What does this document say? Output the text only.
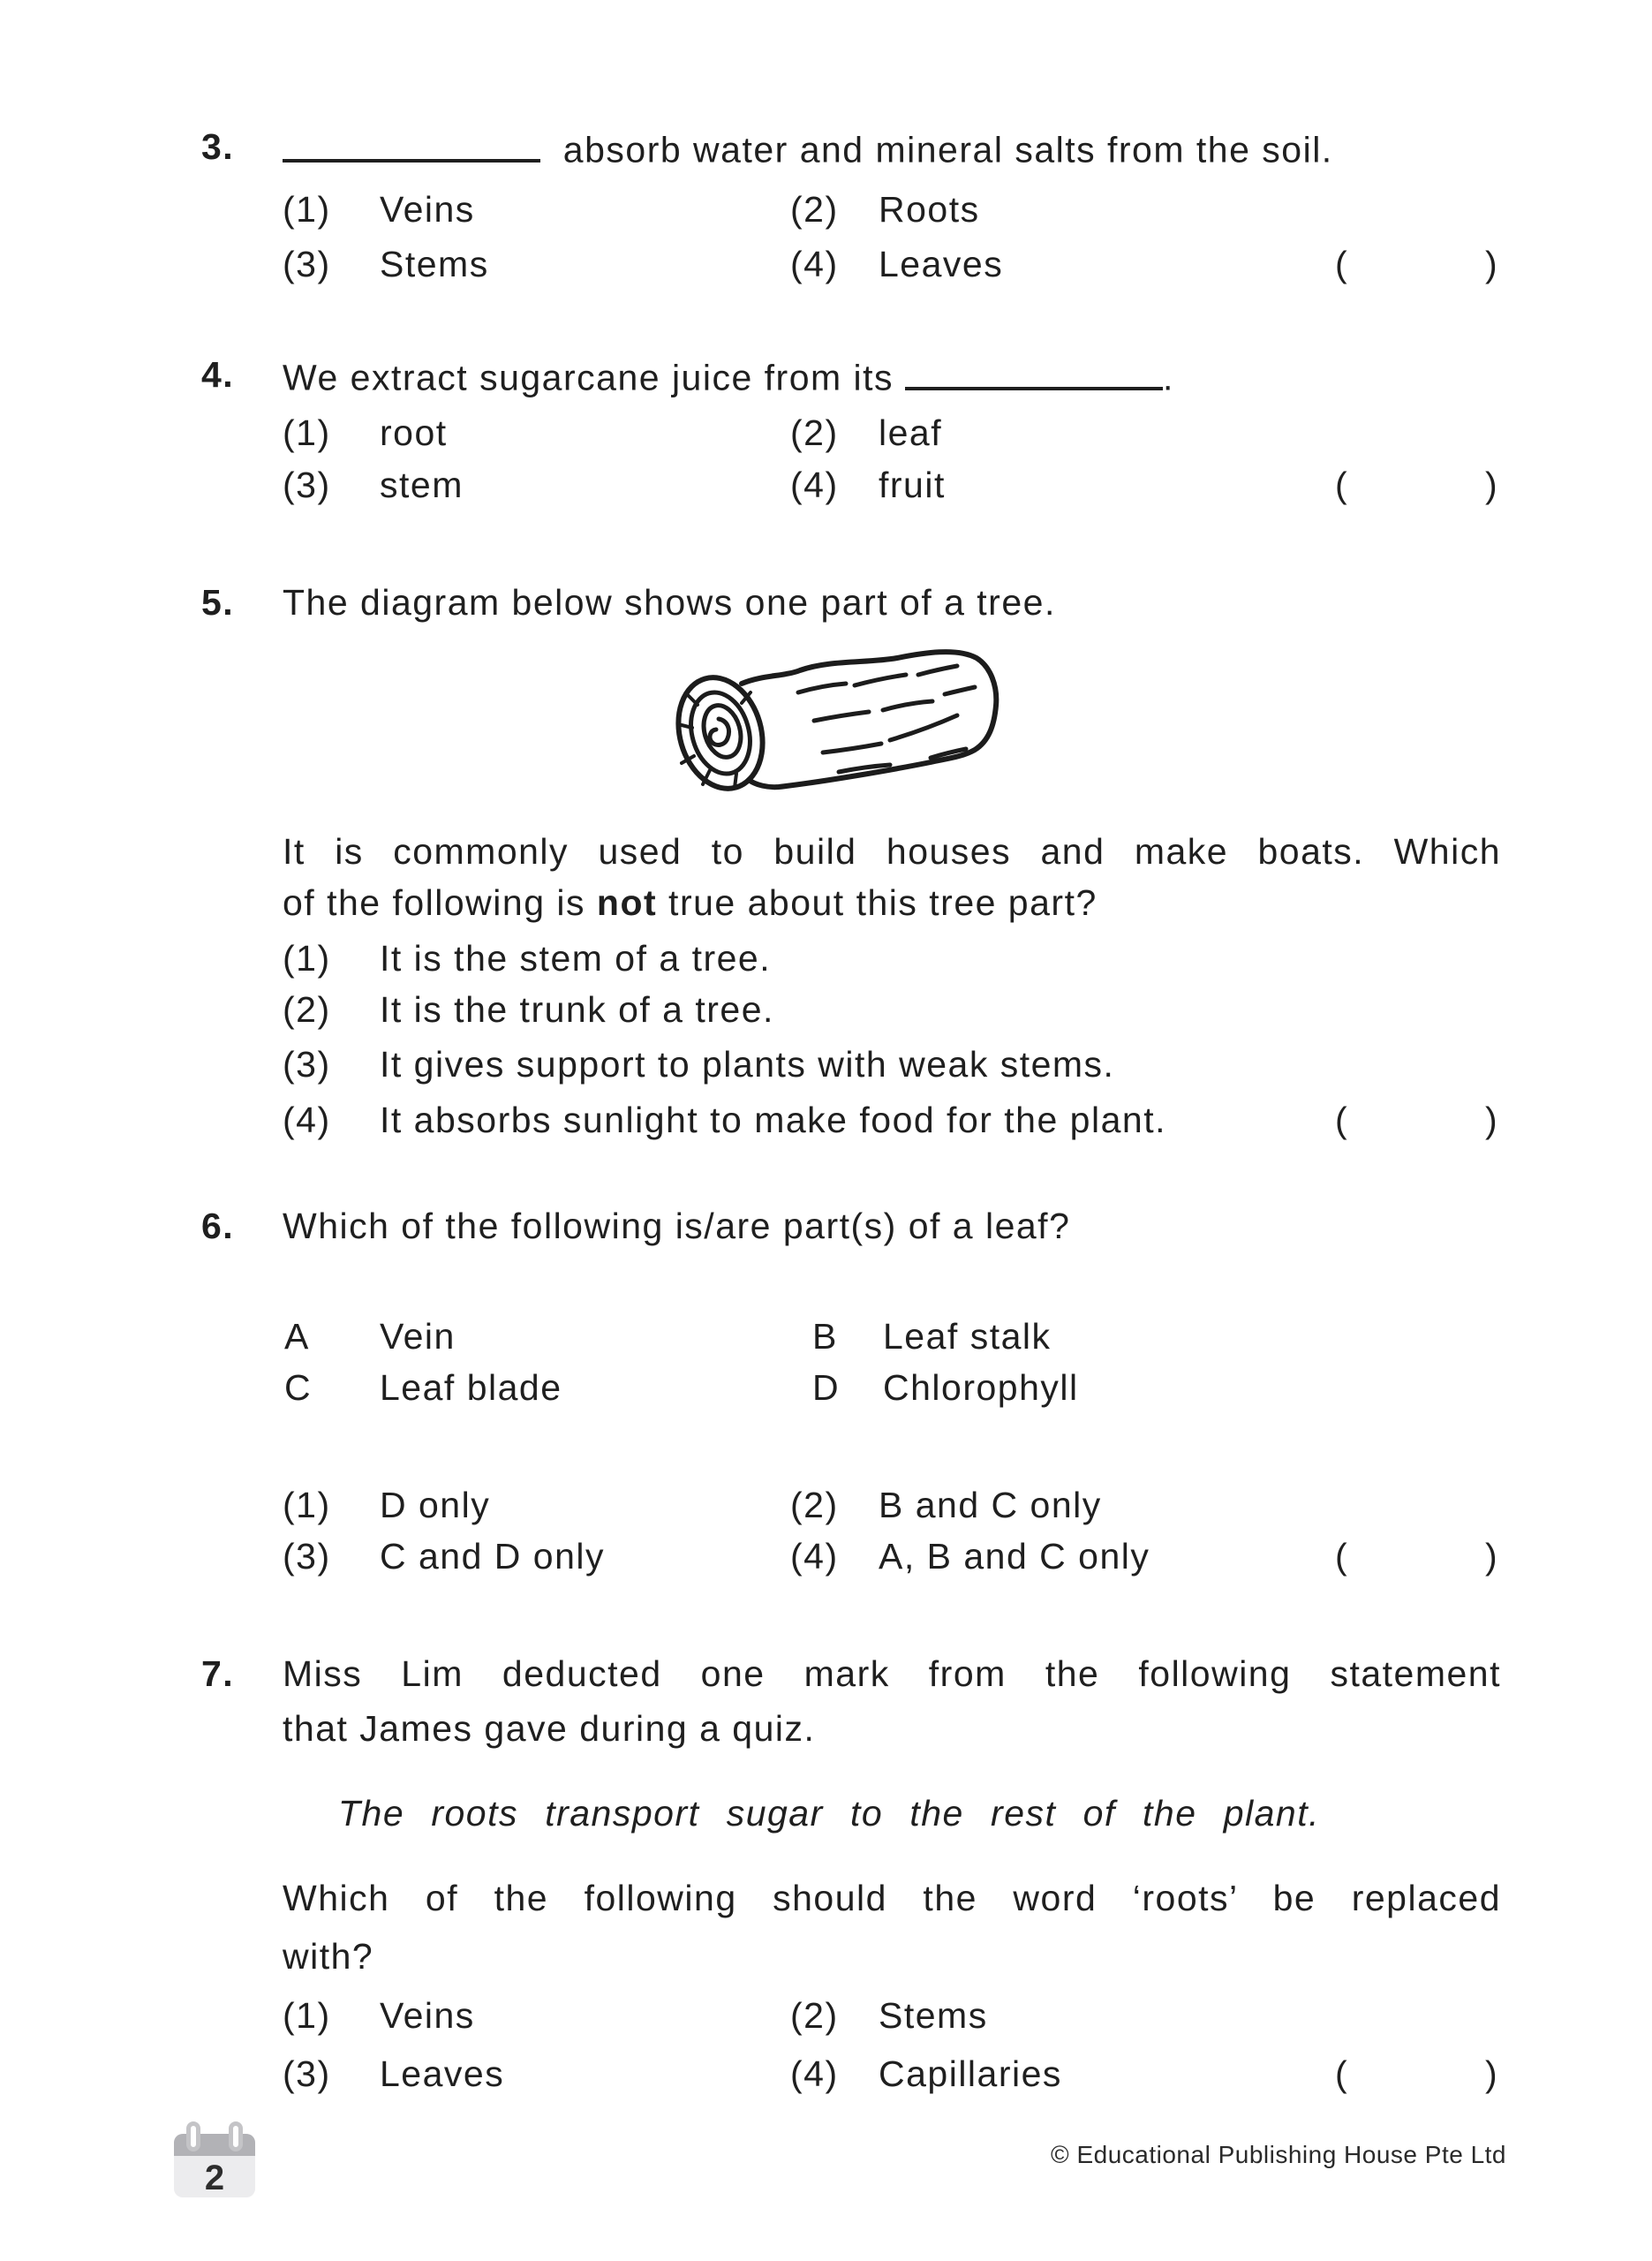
3.	absorb water and mineral salts from the soil.
(1) Veins	(2) Roots
(3) Stems	(4) Leaves	(	)
4. We extract sugarcane juice from its	.
(1) root	(2) leaf
(3) stem	(4) fruit	(	)
5. The diagram below shows one part of a tree.
It is commonly used to build houses and make boats. Which
of the following is not true about this tree part?
(1) It is the stem of a tree.
(2) It is the trunk of a tree.
(3) It gives support to plants with weak stems.
(4) It absorbs sunlight to make food for the plant.	(	)
6. Which of the following is/are part(s) of a leaf?
A Vein	B Leaf stalk
C Leaf blade	D Chlorophyll
(1) D only	(2) B and C only
(3) C and D only	(4) A, B and C only	(	)
7. Miss Lim deducted one mark from the following statement
that James gave during a quiz.
The roots transport sugar to the rest of the plant.
Which of the following should the word ‘roots’ be replaced
with?
(1) Veins	(2) Stems
(3) Leaves	(4) Capillaries	(	)
2
© Educational Publishing House Pte Ltd
